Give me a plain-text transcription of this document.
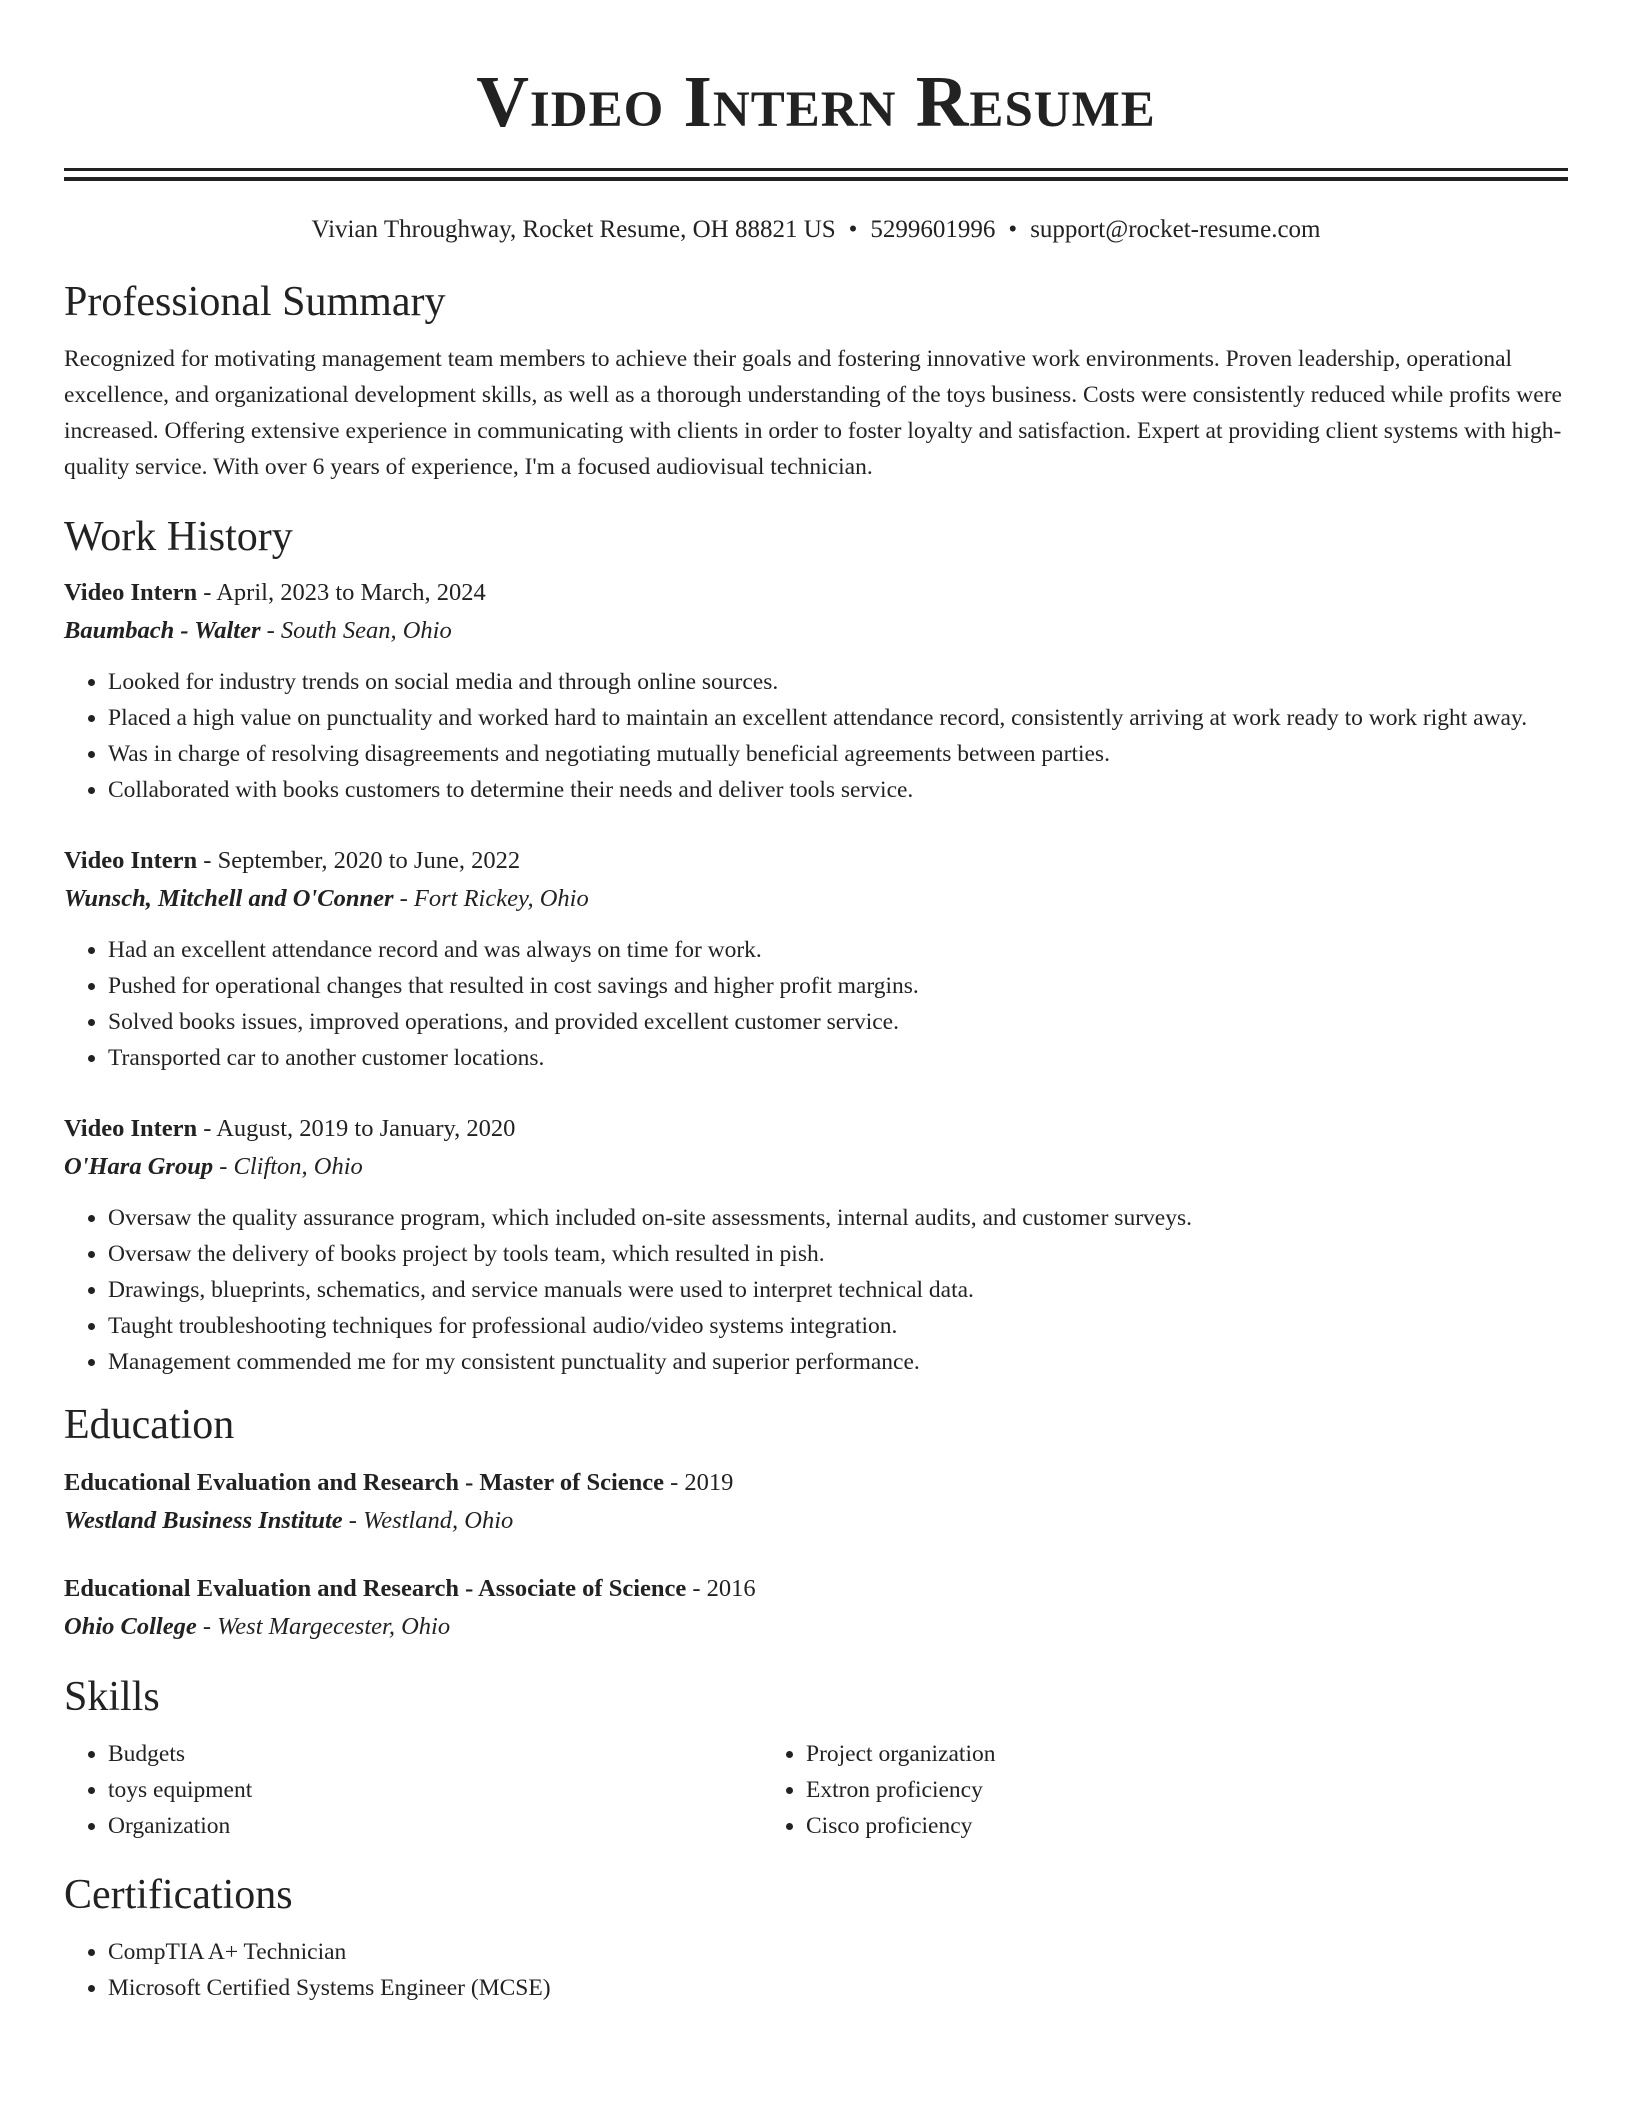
Video Intern Resume
Vivian Throughway, Rocket Resume, OH 88821 US • 5299601996 • support@rocket-resume.com
Professional Summary

Recognized for motivating management team members to achieve their goals and fostering innovative work environments. Proven leadership, operational excellence, and organizational development skills, as well as a thorough understanding of the toys business. Costs were consistently reduced while profits were increased. Offering extensive experience in communicating with clients in order to foster loyalty and satisfaction. Expert at providing client systems with high-quality service. With over 6 years of experience, I'm a focused audiovisual technician.

Work History
Video Intern - April, 2023 to March, 2024
Baumbach - Walter - South Sean, Ohio
• Looked for industry trends on social media and through online sources.
• Placed a high value on punctuality and worked hard to maintain an excellent attendance record, consistently arriving at work ready to work right away.
• Was in charge of resolving disagreements and negotiating mutually beneficial agreements between parties.
• Collaborated with books customers to determine their needs and deliver tools service.
Video Intern - September, 2020 to June, 2022
Wunsch, Mitchell and O'Conner - Fort Rickey, Ohio
• Had an excellent attendance record and was always on time for work.
• Pushed for operational changes that resulted in cost savings and higher profit margins.
• Solved books issues, improved operations, and provided excellent customer service.
• Transported car to another customer locations.
Video Intern - August, 2019 to January, 2020
O'Hara Group - Clifton, Ohio
• Oversaw the quality assurance program, which included on-site assessments, internal audits, and customer surveys.
• Oversaw the delivery of books project by tools team, which resulted in pish.
• Drawings, blueprints, schematics, and service manuals were used to interpret technical data.
• Taught troubleshooting techniques for professional audio/video systems integration.
• Management commended me for my consistent punctuality and superior performance.
Education
Educational Evaluation and Research - Master of Science - 2019
Westland Business Institute - Westland, Ohio
Educational Evaluation and Research - Associate of Science - 2016
Ohio College - West Margecester, Ohio
Skills
• Budgets
• toys equipment
• Organization
• Project organization
• Extron proficiency
• Cisco proficiency
Certifications
• CompTIA A+ Technician
• Microsoft Certified Systems Engineer (MCSE)
